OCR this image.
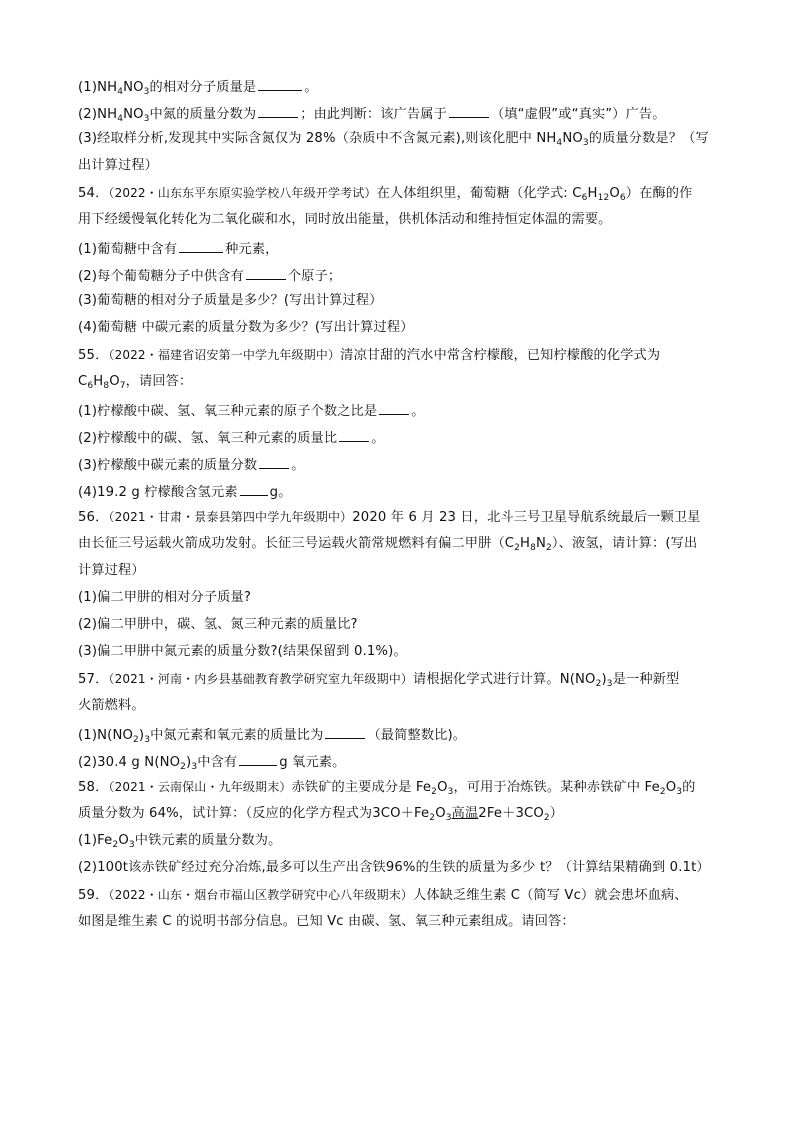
$(1)NH_4NO_3$的相对分子质量是	。
$(2)NH_4NO_3$中氮的质量分数为	；由此判断：该广告属于	（填“虚假”或“真实”）广告。
(3)经取样分析,发现其中实际含氮仅为 28%（杂质中不含氮元素),则该化肥中 $NH_4NO_3$的质量分数是？（写
出计算过程）
54．（2022・山东东平东原实验学校八年级开学考试）在人体组织里，葡萄糖（化学式: $C_6H_{12}O_6$）在酶的作
用下经缓慢氧化转化为二氧化碳和水，同时放出能量，供机体活动和维持恒定体温的需要。
(1)葡萄糖中含有	种元素，
(2)每个葡萄糖分子中供含有	个原子；
(3)葡萄糖的相对分子质量是多少？(写出计算过程）
(4)葡萄糖 中碳元素的质量分数为多少？(写出计算过程）
55．（2022・福建省诏安第一中学九年级期中）清凉甘甜的汽水中常含柠檬酸，已知柠檬酸的化学式为
$C_6H_8O_7$，请回答：
(1)柠檬酸中碳、氢、氧三种元素的原子个数之比是	。
(2)柠檬酸中的碳、氢、氧三种元素的质量比	。
(3)柠檬酸中碳元素的质量分数	。
(4)19.2 g 柠檬酸含氢元素 g。
56．（2021・甘肃・景泰县第四中学九年级期中）2020 年 6 月 23 日，北斗三号卫星导航系统最后一颗卫星
由长征三号运载火箭成功发射。长征三号运载火箭常规燃料有偏二甲肼$(C_2H_8N_2)$、液氢，请计算：(写出
计算过程）
(1)偏二甲肼的相对分子质量?
(2)偏二甲肼中，碳、氢、氮三种元素的质量比?
(3)偏二甲肼中氮元素的质量分数?(结果保留到 0.1%)。
57．（2021・河南・内乡县基础教育教学研究室九年级期中）请根据化学式进行计算。$N(NO_2)_3$是一种新型
火箭燃料。
$(1)N(NO_2)_3$中氮元素和氧元素的质量比为	（最简整数比)。
(2)30.4 g $N(NO_2)_3$中含有	g 氧元素。
58．（2021・云南保山・九年级期末）赤铁矿的主要成分是 $Fe_2O_3$，可用于冶炼铁。某种赤铁矿中 $Fe_2O_3$的
质量分数为 64%，试计算：（反应的化学方程式为$3CO+Fe_2O_3$高温$2Fe+3CO_2$）
$(1)Fe_2O_3$中铁元素的质量分数为。
(2)100t该赤铁矿经过充分冶炼,最多可以生产出含铁96%的生铁的质量为多少 t？（计算结果精确到 0.1t）
59．（2022・山东・烟台市福山区教学研究中心八年级期末）人体缺乏维生素 C（简写 Vc）就会患坏血病、
如图是维生素 C 的说明书部分信息。已知 Vc 由碳、氢、氧三种元素组成。请回答：
